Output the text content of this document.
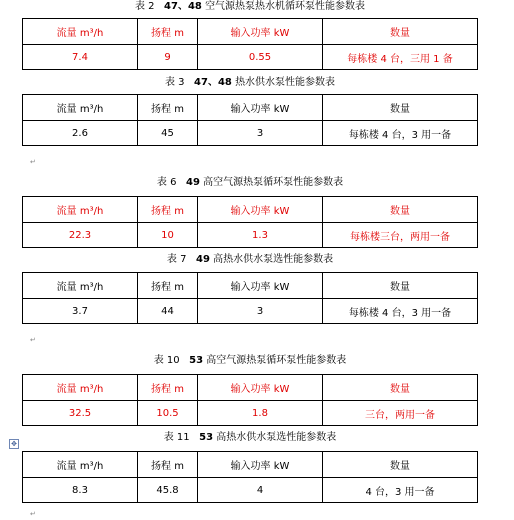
表 2 47、48 空气源热泵热水机循环泵性能参数表
流量 m³/h	扬程 m	输入功率 kW	数量
7.4	9	0.55	每栋楼 4 台，三用 1 备
表 3 47、48 热水供水泵性能参数表
流量 m³/h	扬程 m	输入功率 kW	数量
2.6	45	3	每栋楼 4 台，3 用一备
↵
表 6 49 高空气源热泵循环泵性能参数表
流量 m³/h	扬程 m	输入功率 kW	数量
22.3	10	1.3	每栋楼三台，两用一备
表 7 49 高热水供水泵选性能参数表
流量 m³/h	扬程 m	输入功率 kW	数量
3.7	44	3	每栋楼 4 台，3 用一备
↵
表 10 53 高空气源热泵循环泵性能参数表
流量 m³/h	扬程 m	输入功率 kW	数量
32.5	10.5	1.8	三台，两用一备
✥
表 11 53 高热水供水泵选性能参数表
流量 m³/h	扬程 m	输入功率 kW	数量
8.3	45.8	4	4 台，3 用一备
↵
